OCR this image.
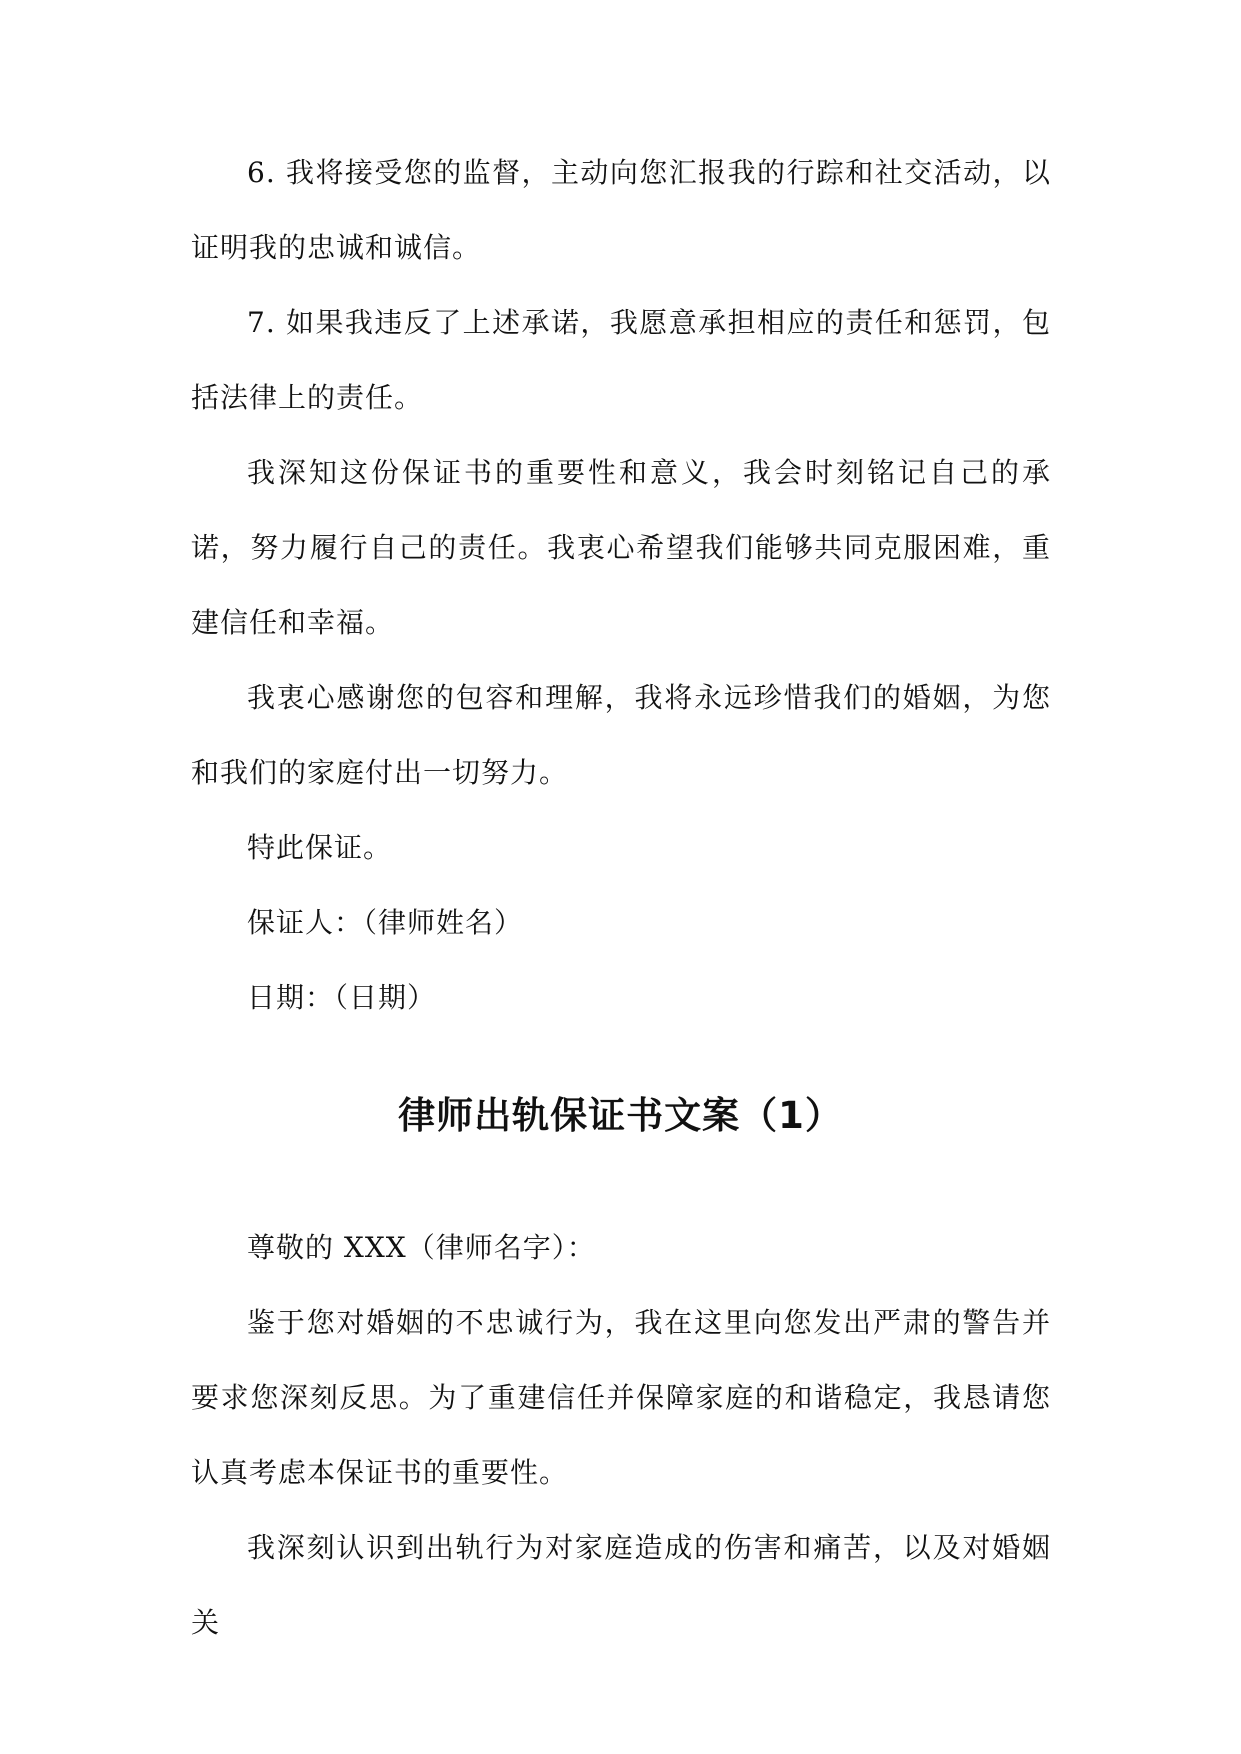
6. 我将接受您的监督，主动向您汇报我的行踪和社交活动，以证明我的忠诚和诚信。

7. 如果我违反了上述承诺，我愿意承担相应的责任和惩罚，包括法律上的责任。

我深知这份保证书的重要性和意义，我会时刻铭记自己的承诺，努力履行自己的责任。我衷心希望我们能够共同克服困难，重建信任和幸福。

我衷心感谢您的包容和理解，我将永远珍惜我们的婚姻，为您和我们的家庭付出一切努力。

特此保证。

保证人：（律师姓名）

日期：（日期）

律师出轨保证书文案（1）

尊敬的 XXX（律师名字）：

鉴于您对婚姻的不忠诚行为，我在这里向您发出严肃的警告并要求您深刻反思。为了重建信任并保障家庭的和谐稳定，我恳请您认真考虑本保证书的重要性。

我深刻认识到出轨行为对家庭造成的伤害和痛苦，以及对婚姻关
